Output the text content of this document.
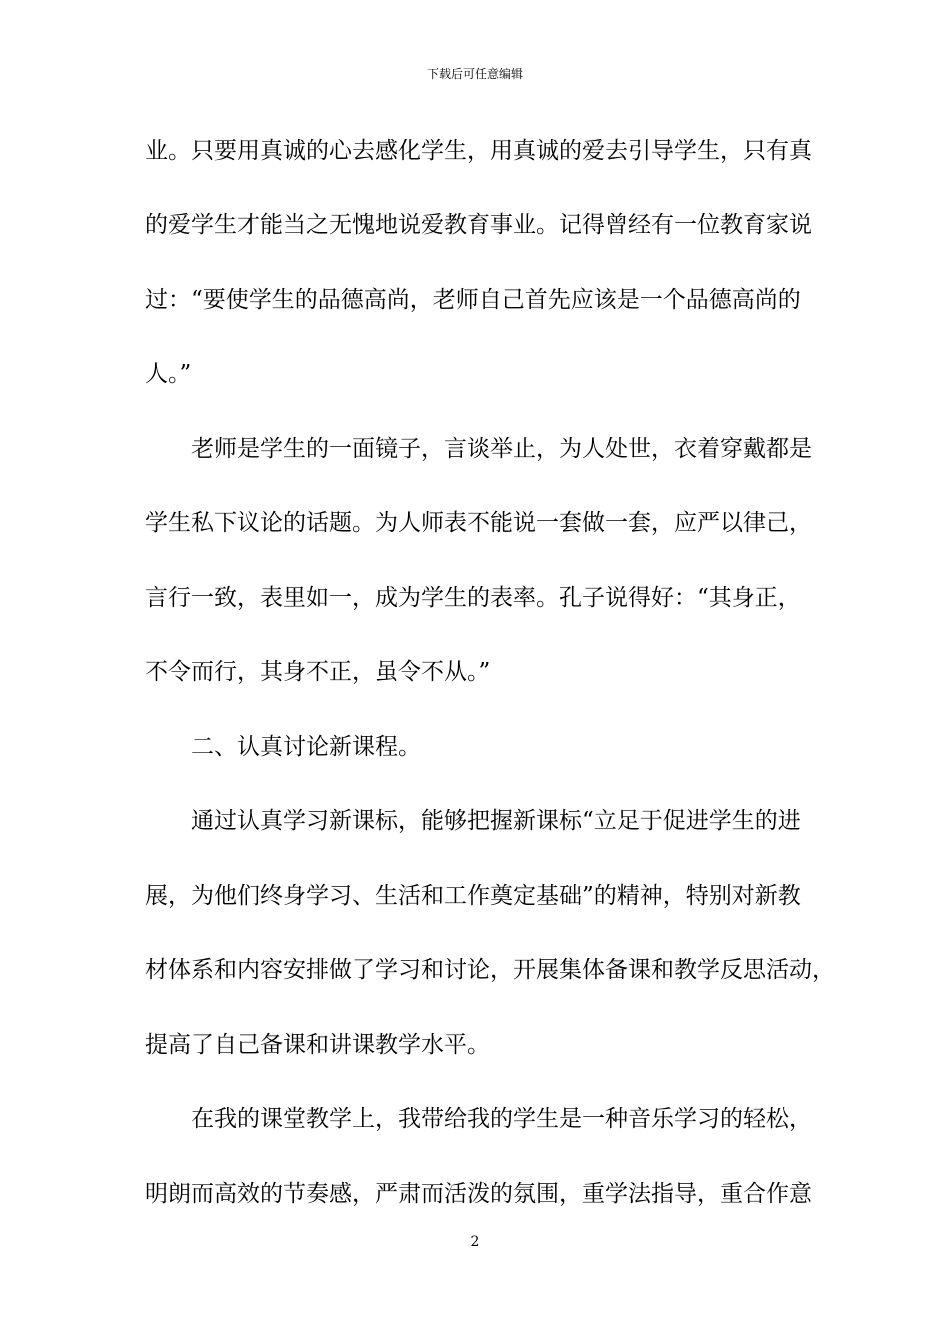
下载后可任意编辑
业。只要用真诚的心去感化学生，用真诚的爱去引导学生，只有真
的爱学生才能当之无愧地说爱教育事业。记得曾经有一位教育家说
过：“要使学生的品德高尚，老师自己首先应该是一个品德高尚的
人。”
老师是学生的一面镜子，言谈举止，为人处世，衣着穿戴都是
学生私下议论的话题。为人师表不能说一套做一套，应严以律己，
言行一致，表里如一，成为学生的表率。孔子说得好：“其身正，
不令而行，其身不正，虽令不从。”
二、认真讨论新课程。
通过认真学习新课标，能够把握新课标“立足于促进学生的进
展，为他们终身学习、生活和工作奠定基础”的精神，特别对新教
材体系和内容安排做了学习和讨论，开展集体备课和教学反思活动，
提高了自己备课和讲课教学水平。
在我的课堂教学上，我带给我的学生是一种音乐学习的轻松，
明朗而高效的节奏感，严肃而活泼的氛围，重学法指导，重合作意
2
